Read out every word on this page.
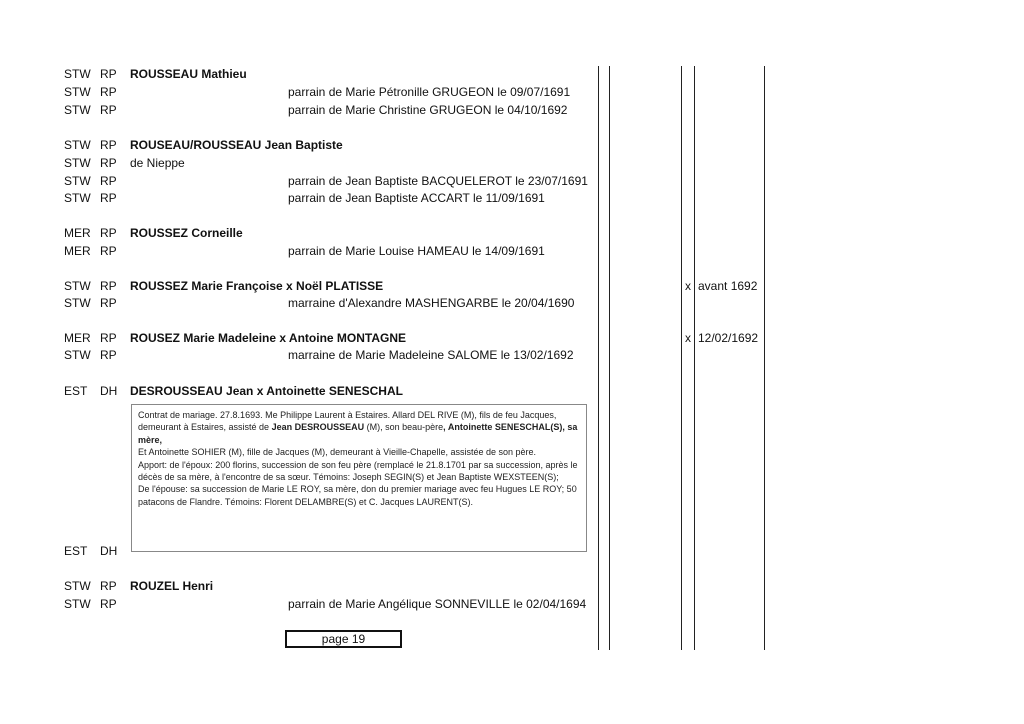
STW RP ROUSSEAU Mathieu
STW RP	parrain de Marie Pétronille GRUGEON le 09/07/1691
STW RP	parrain de Marie Christine GRUGEON le 04/10/1692
STW RP ROUSEAU/ROUSSEAU Jean Baptiste
STW RP de Nieppe
STW RP	parrain de Jean Baptiste BACQUELEROT le 23/07/1691
STW RP	parrain de Jean Baptiste ACCART le 11/09/1691
MER RP ROUSSEZ Corneille
MER RP	parrain de Marie Louise HAMEAU le 14/09/1691
STW RP ROUSSEZ Marie Françoise x Noël PLATISSE	x avant 1692
STW RP	marraine d'Alexandre MASHENGARBE le 20/04/1690
MER RP ROUSEZ Marie Madeleine x Antoine MONTAGNE	x 12/02/1692
STW RP	marraine de Marie Madeleine SALOME le 13/02/1692
EST DH DESROUSSEAU Jean x Antoinette SENESCHAL
EST DH
STW RP ROUZEL Henri
STW RP	parrain de Marie Angélique SONNEVILLE le 02/04/1694
Contrat de mariage. 27.8.1693. Me Philippe Laurent à Estaires. Allard DEL RIVE (M), fils de feu Jacques, demeurant à Estaires, assisté de Jean DESROUSSEAU (M), son beau-père, Antoinette SENESCHAL(S), sa mère,
Et Antoinette SOHIER (M), fille de Jacques (M), demeurant à Vieille-Chapelle, assistée de son père.
Apport: de l'époux: 200 florins, succession de son feu père (remplacé le 21.8.1701 par sa succession, après le décès de sa mère, à l'encontre de sa sœur. Témoins: Joseph SEGIN(S) et Jean Baptiste WEXSTEEN(S);
De l'épouse: sa succession de Marie LE ROY, sa mère, don du premier mariage avec feu Hugues LE ROY; 50 patacons de Flandre. Témoins: Florent DELAMBRE(S) et C. Jacques LAURENT(S).
page 19
